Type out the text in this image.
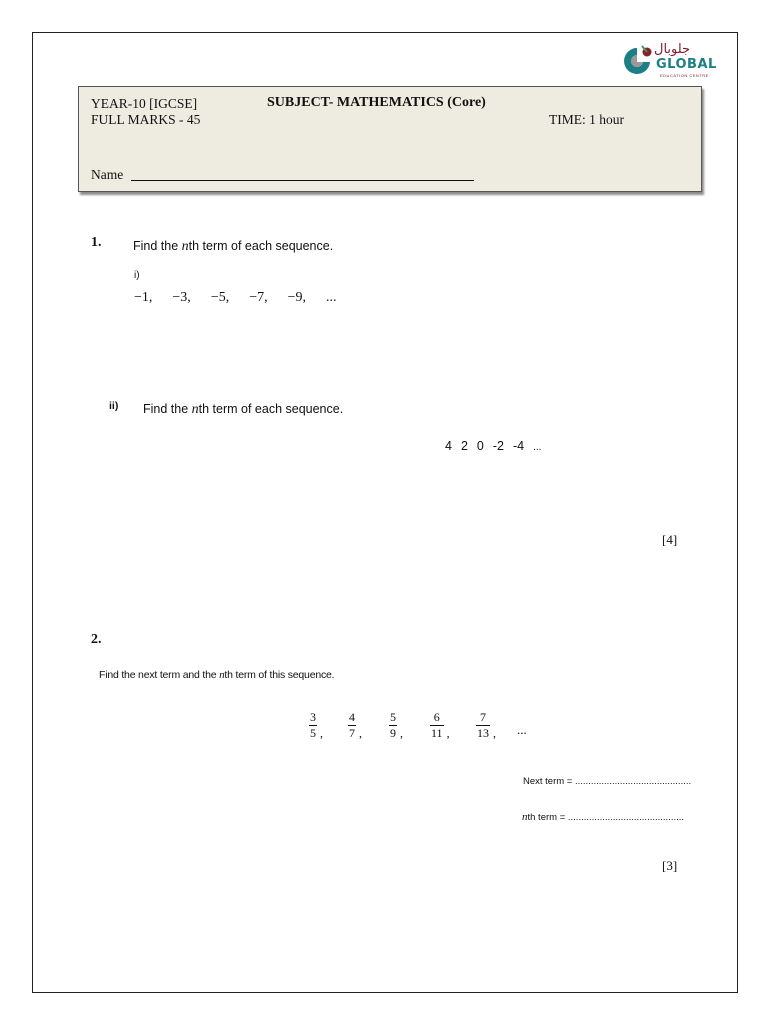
جلوبال
GLOBAL
EDUCATION CENTRE
YEAR-10 [IGCSE]
FULL MARKS - 45
SUBJECT- MATHEMATICS (Core)
TIME: 1 hour
Name
1.	Find the nth term of each sequence.
i)
−1, −3, −5, −7, −9, ...
ii) Find the nth term of each sequence.
4 2 0 -2 -4 ...
[4]
2.
Find the next term and the nth term of this sequence.
3
5 ,
4
7 ,
5
9 ,
6
11 ,
7
13 , ...
Next term = ............................................
nth term = ............................................
[3]
